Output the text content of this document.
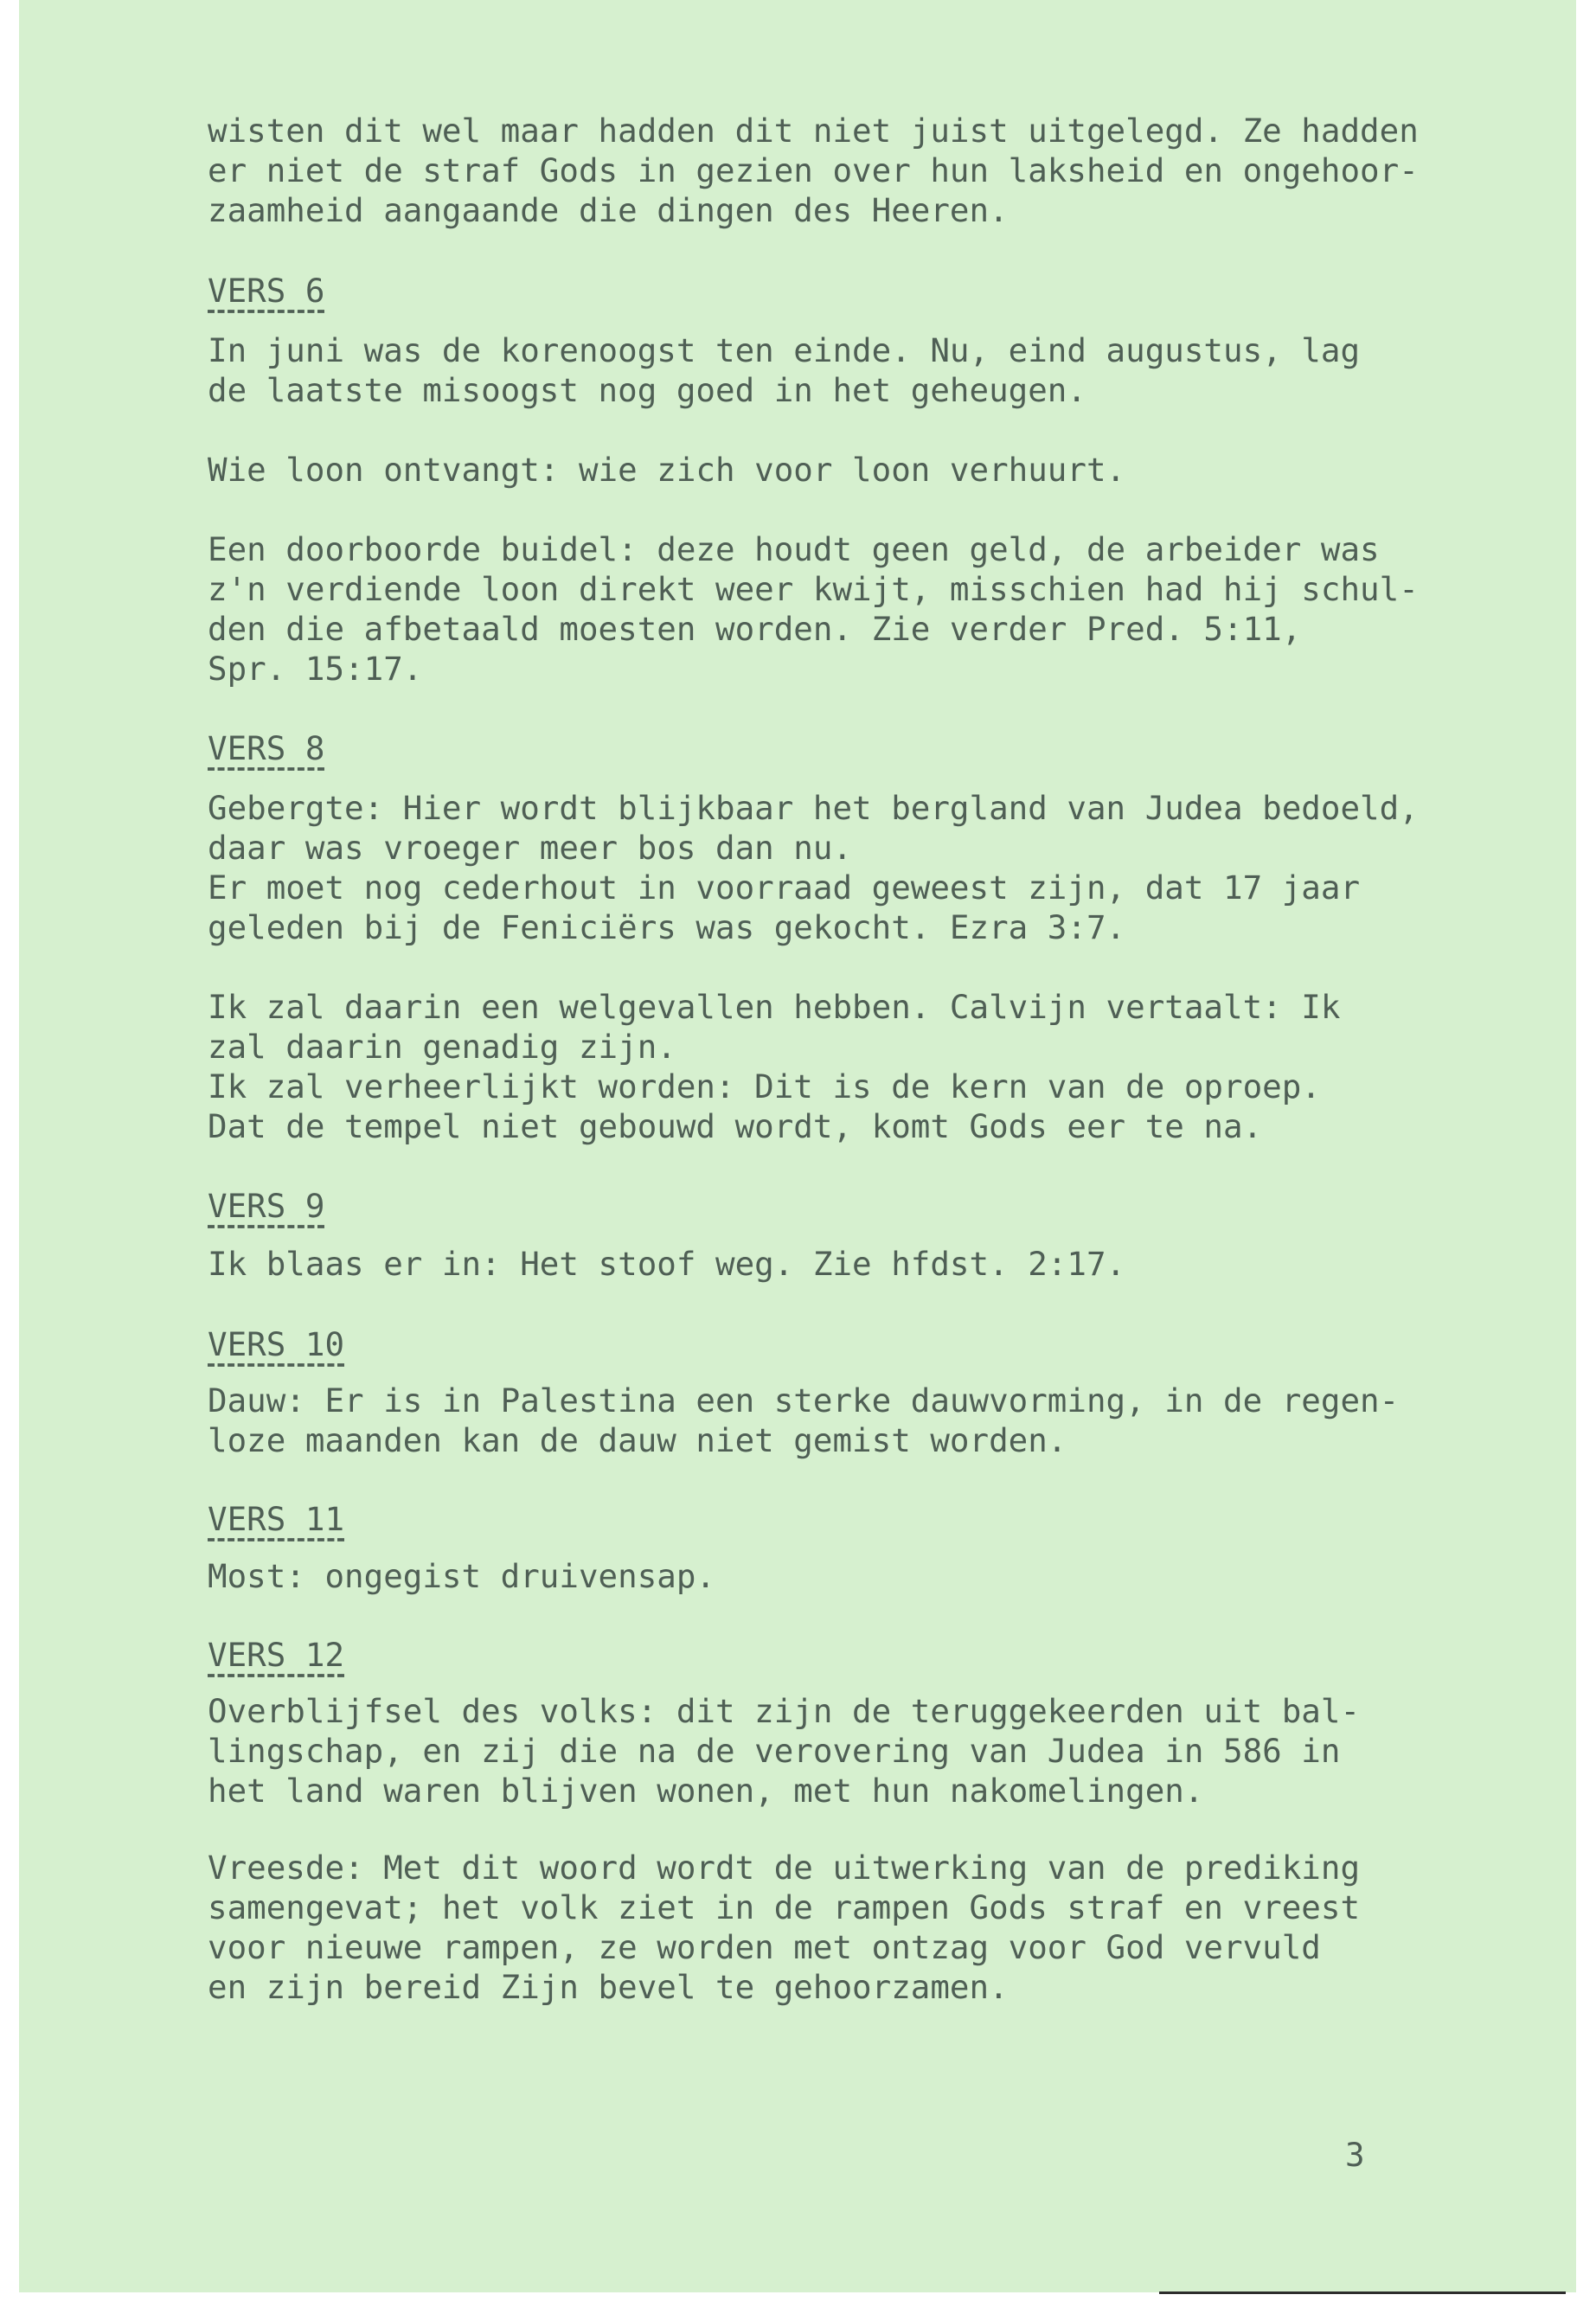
wisten dit wel maar hadden dit niet juist uitgelegd. Ze hadden
er niet de straf Gods in gezien over hun laksheid en ongehoor-
zaamheid aangaande die dingen des Heeren.
VERS 6
In juni was de korenoogst ten einde. Nu, eind augustus, lag
de laatste misoogst nog goed in het geheugen.
Wie loon ontvangt: wie zich voor loon verhuurt.
Een doorboorde buidel: deze houdt geen geld, de arbeider was
z'n verdiende loon direkt weer kwijt, misschien had hij schul-
den die afbetaald moesten worden. Zie verder Pred. 5:11,
Spr. 15:17.
VERS 8
Gebergte: Hier wordt blijkbaar het bergland van Judea bedoeld,
daar was vroeger meer bos dan nu.
Er moet nog cederhout in voorraad geweest zijn, dat 17 jaar
geleden bij de Feniciërs was gekocht. Ezra 3:7.
Ik zal daarin een welgevallen hebben. Calvijn vertaalt: Ik
zal daarin genadig zijn.
Ik zal verheerlijkt worden: Dit is de kern van de oproep.
Dat de tempel niet gebouwd wordt, komt Gods eer te na.
VERS 9
Ik blaas er in: Het stoof weg. Zie hfdst. 2:17.
VERS 10
Dauw: Er is in Palestina een sterke dauwvorming, in de regen-
loze maanden kan de dauw niet gemist worden.
VERS 11
Most: ongegist druivensap.
VERS 12
Overblijfsel des volks: dit zijn de teruggekeerden uit bal-
lingschap, en zij die na de verovering van Judea in 586 in
het land waren blijven wonen, met hun nakomelingen.
Vreesde: Met dit woord wordt de uitwerking van de prediking
samengevat; het volk ziet in de rampen Gods straf en vreest
voor nieuwe rampen, ze worden met ontzag voor God vervuld
en zijn bereid Zijn bevel te gehoorzamen.
3
